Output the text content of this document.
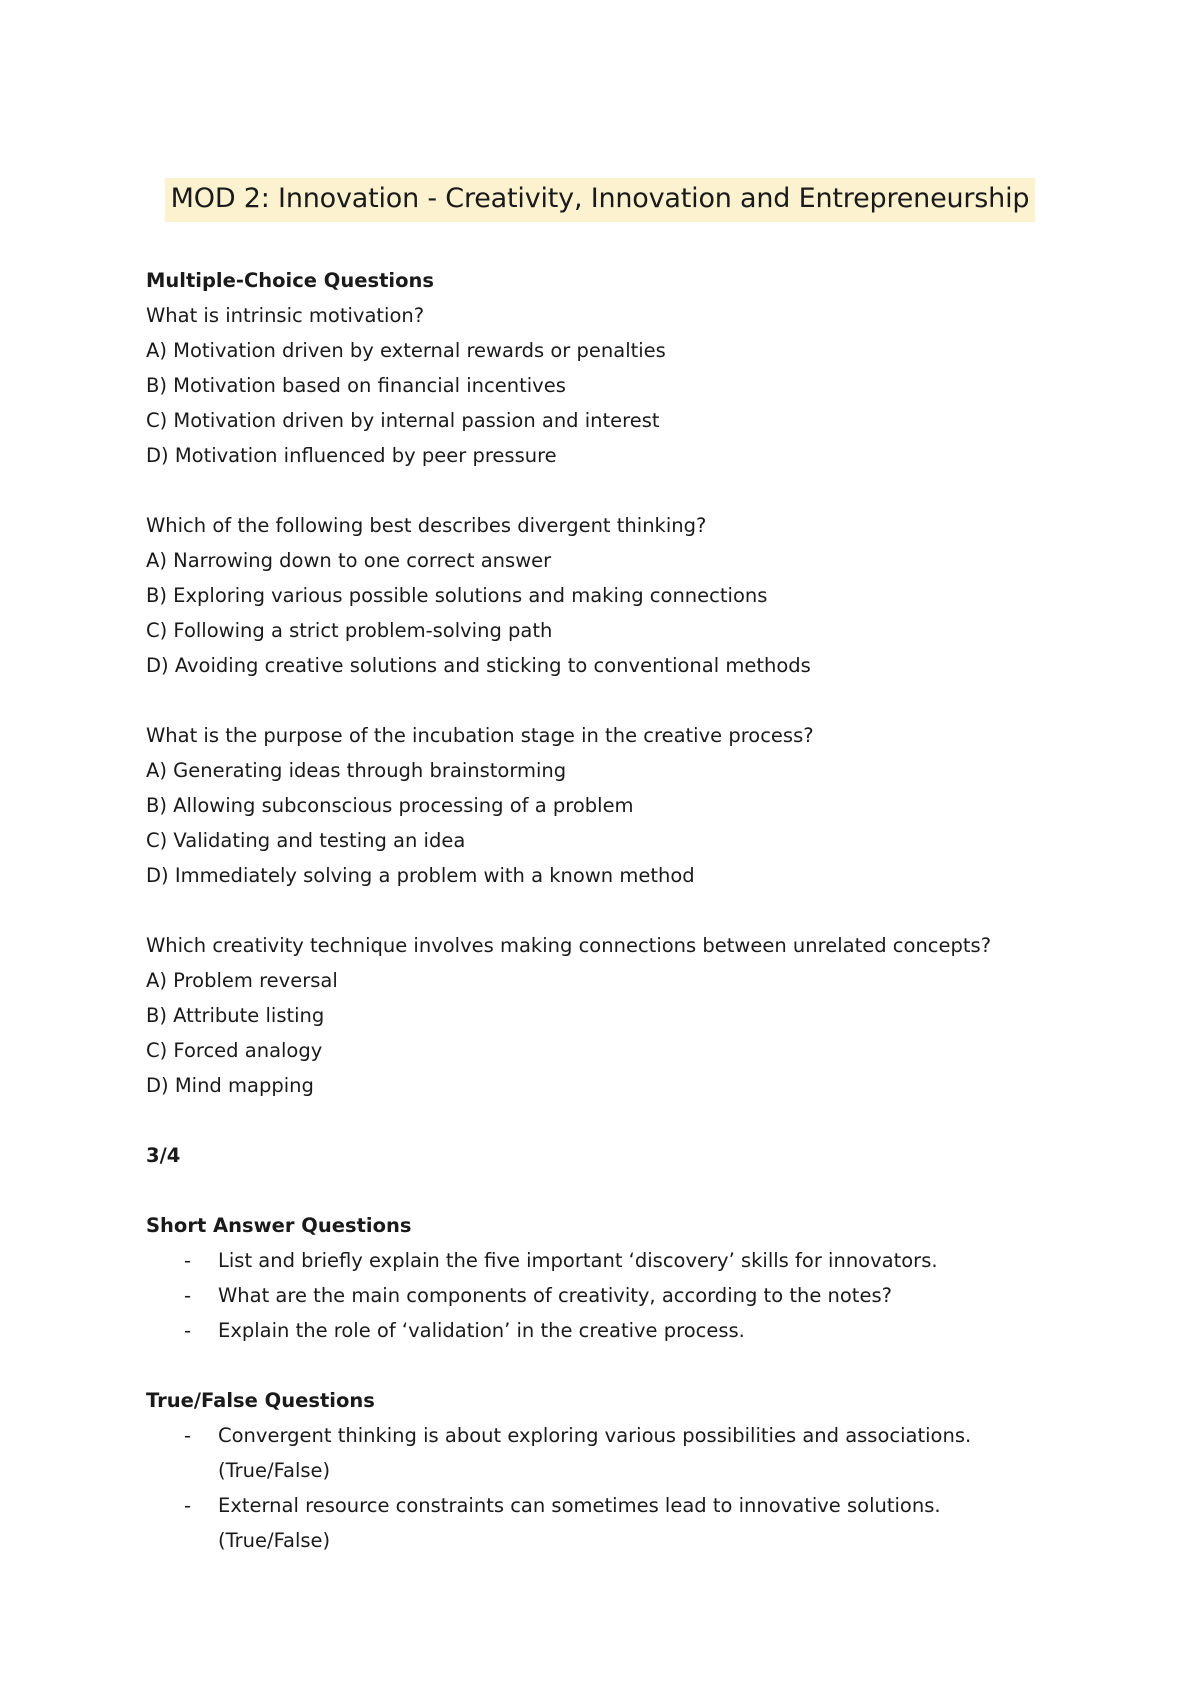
MOD 2: Innovation - Creativity, Innovation and Entrepreneurship
Multiple-Choice Questions
What is intrinsic motivation?
A) Motivation driven by external rewards or penalties
B) Motivation based on financial incentives
C) Motivation driven by internal passion and interest
D) Motivation influenced by peer pressure
Which of the following best describes divergent thinking?
A) Narrowing down to one correct answer
B) Exploring various possible solutions and making connections
C) Following a strict problem-solving path
D) Avoiding creative solutions and sticking to conventional methods
What is the purpose of the incubation stage in the creative process?
A) Generating ideas through brainstorming
B) Allowing subconscious processing of a problem
C) Validating and testing an idea
D) Immediately solving a problem with a known method
Which creativity technique involves making connections between unrelated concepts?
A) Problem reversal
B) Attribute listing
C) Forced analogy
D) Mind mapping
3/4
Short Answer Questions
- List and briefly explain the five important ‘discovery’ skills for innovators.
- What are the main components of creativity, according to the notes?
- Explain the role of ‘validation’ in the creative process.
True/False Questions
- Convergent thinking is about exploring various possibilities and associations.
(True/False)
- External resource constraints can sometimes lead to innovative solutions.
(True/False)
